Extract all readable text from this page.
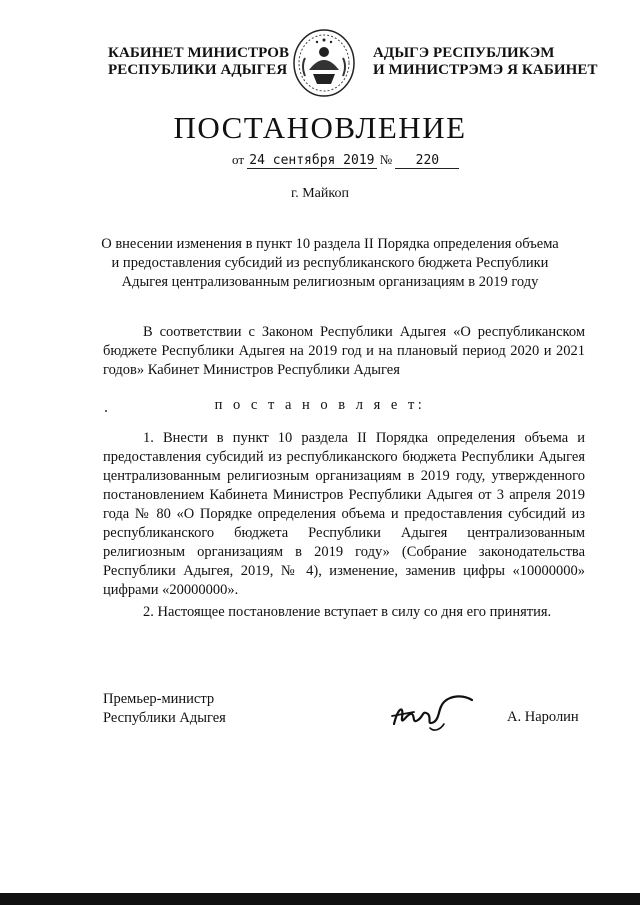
КАБИНЕТ МИНИСТРОВ
РЕСПУБЛИКИ АДЫГЕЯ
АДЫГЭ РЕСПУБЛИКЭМ
И МИНИСТРЭМЭ Я КАБИНЕТ
ПОСТАНОВЛЕНИЕ
от 24 сентября 2019 № 220
г. Майкоп
О внесении изменения в пункт 10 раздела II Порядка определения объема и предоставления субсидий из республиканского бюджета Республики Адыгея централизованным религиозным организациям в 2019 году
В соответствии с Законом Республики Адыгея «О республиканском бюджете Республики Адыгея на 2019 год и на плановый период 2020 и 2021 годов» Кабинет Министров Республики Адыгея
п о с т а н о в л я е т:
1. Внести в пункт 10 раздела II Порядка определения объема и предоставления субсидий из республиканского бюджета Республики Адыгея централизованным религиозным организациям в 2019 году, утвержденного постановлением Кабинета Министров Республики Адыгея от 3 апреля 2019 года № 80 «О Порядке определения объема и предоставления субсидий из республиканского бюджета Республики Адыгея централизованным религиозным организациям в 2019 году» (Собрание законодательства Республики Адыгея, 2019, № 4), изменение, заменив цифры «10000000» цифрами «20000000».
2. Настоящее постановление вступает в силу со дня его принятия.
Премьер-министр
Республики Адыгея	А. Наролин
